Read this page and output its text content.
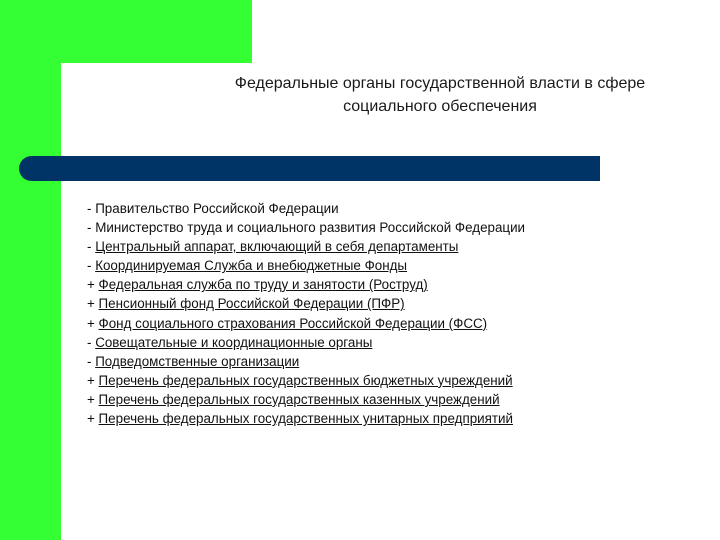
Федеральные органы государственной власти в сфере
социального обеспечения
- Правительство Российской Федерации
- Министерство труда и социального развития Российской Федерации
- Центральный аппарат, включающий в себя департаменты
- Координируемая Служба и внебюджетные Фонды
+ Федеральная служба по труду и занятости (Роструд)
+ Пенсионный фонд Российской Федерации (ПФР)
+ Фонд социального страхования Российской Федерации (ФСС)
- Совещательные и координационные органы
- Подведомственные организации
+ Перечень федеральных государственных бюджетных учреждений
+ Перечень федеральных государственных казенных учреждений
+ Перечень федеральных государственных унитарных предприятий
